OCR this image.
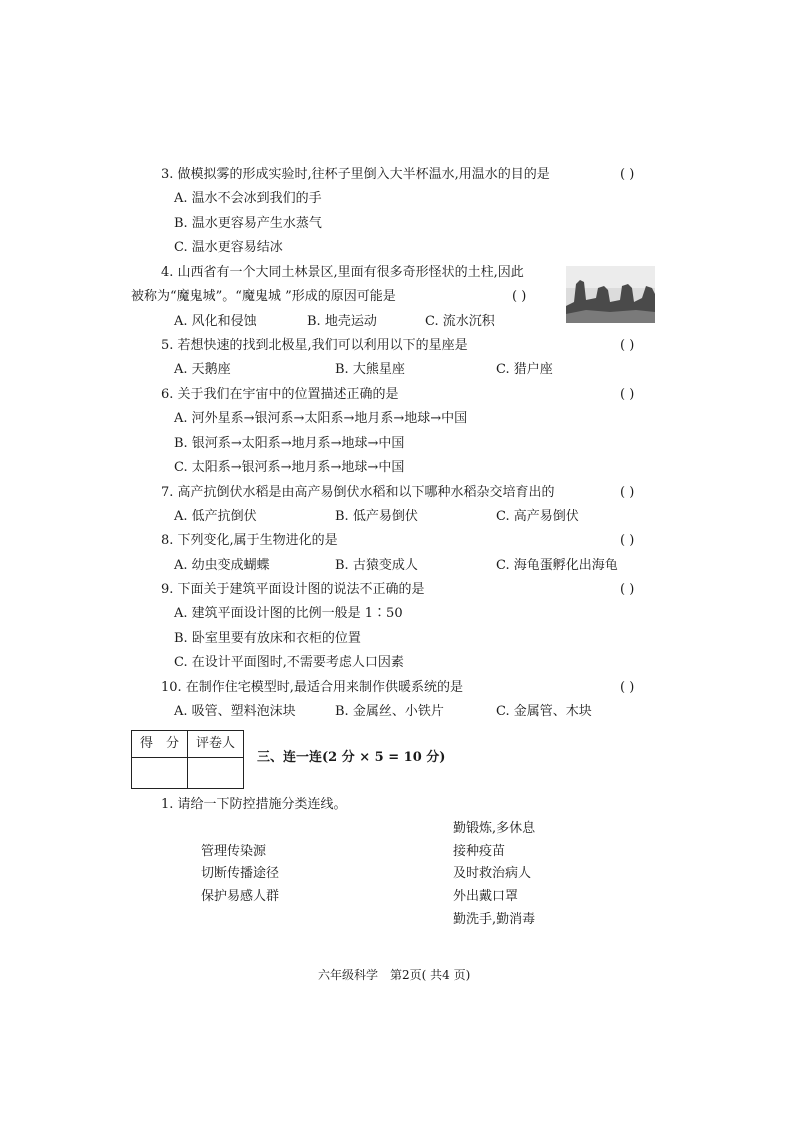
3. 做模拟雾的形成实验时,往杯子里倒入大半杯温水,用温水的目的是	( )
A. 温水不会冰到我们的手
B. 温水更容易产生水蒸气
C. 温水更容易结冰
4. 山西省有一个大同土林景区,里面有很多奇形怪状的土柱,因此
被称为“魔鬼城”。“魔鬼城 ”形成的原因可能是	( )
A. 风化和侵蚀	B. 地壳运动	C. 流水沉积
5. 若想快速的找到北极星,我们可以利用以下的星座是	( )
A. 天鹅座	B. 大熊星座	C. 猎户座
6. 关于我们在宇宙中的位置描述正确的是	( )
A. 河外星系→银河系→太阳系→地月系→地球→中国
B. 银河系→太阳系→地月系→地球→中国
C. 太阳系→银河系→地月系→地球→中国
7. 高产抗倒伏水稻是由高产易倒伏水稻和以下哪种水稻杂交培育出的	( )
A. 低产抗倒伏	B. 低产易倒伏	C. 高产易倒伏
8. 下列变化,属于生物进化的是	( )
A. 幼虫变成蝴蝶	B. 古猿变成人	C. 海龟蛋孵化出海龟
9. 下面关于建筑平面设计图的说法不正确的是	( )
A. 建筑平面设计图的比例一般是 1∶50
B. 卧室里要有放床和衣柜的位置
C. 在设计平面图时,不需要考虑人口因素
10. 在制作住宅模型时,最适合用来制作供暖系统的是	( )
A. 吸管、塑料泡沫块	B. 金属丝、小铁片	C. 金属管、木块
得　分	评卷人

三、连一连(2 分 × 5 = 10 分)
1. 请给一下防控措施分类连线。
勤锻炼,多休息
管理传染源	接种疫苗
切断传播途径	及时救治病人
保护易感人群	外出戴口罩
勤洗手,勤消毒
六年级科学　第2页( 共4 页)
